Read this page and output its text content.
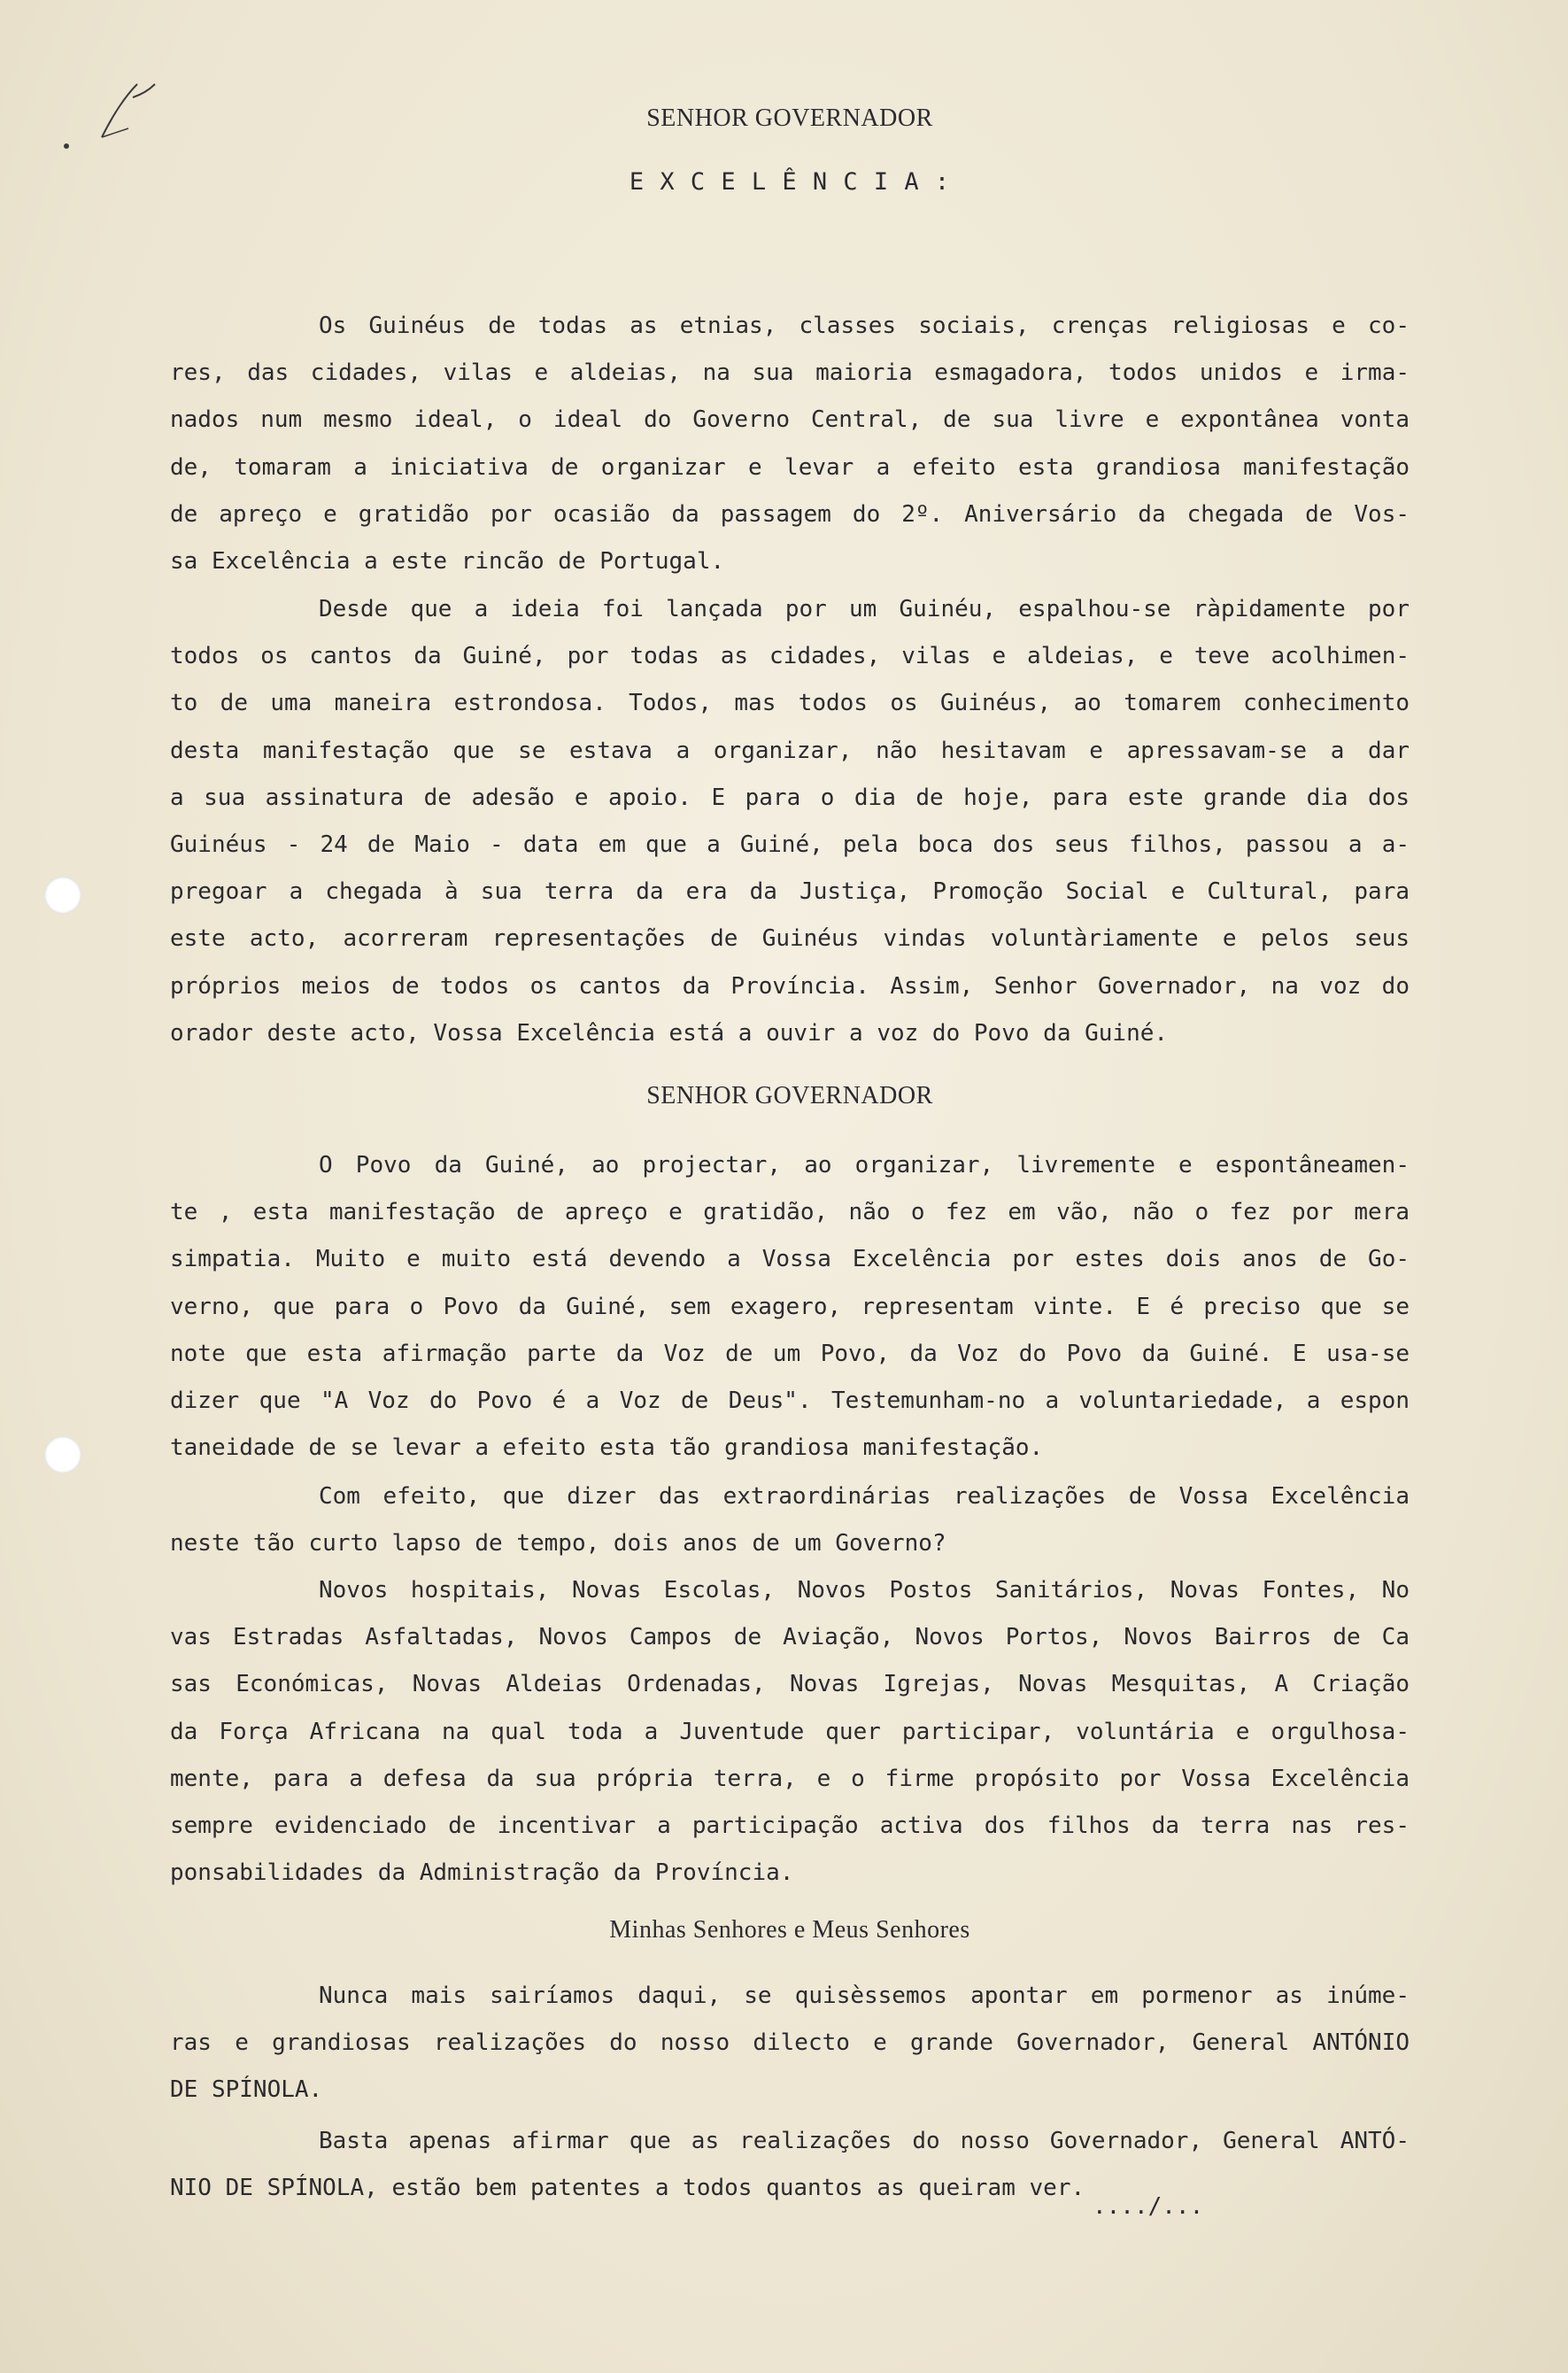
SENHOR GOVERNADOR
E X C E L Ê N C I A :
Os Guinéus de todas as etnias, classes sociais, crenças religiosas e co-
res, das cidades, vilas e aldeias, na sua maioria esmagadora, todos unidos e irma-
nados num mesmo ideal, o ideal do Governo Central, de sua livre e expontânea vonta
de, tomaram a iniciativa de organizar e levar a efeito esta grandiosa manifestação
de apreço e gratidão por ocasião da passagem do 2º. Aniversário da chegada de Vos-
sa Excelência a este rincão de Portugal.
Desde que a ideia foi lançada por um Guinéu, espalhou-se ràpidamente por
todos os cantos da Guiné, por todas as cidades, vilas e aldeias, e teve acolhimen-
to de uma maneira estrondosa. Todos, mas todos os Guinéus, ao tomarem conhecimento
desta manifestação que se estava a organizar, não hesitavam e apressavam-se a dar
a sua assinatura de adesão e apoio. E para o dia de hoje, para este grande dia dos
Guinéus - 24 de Maio - data em que a Guiné, pela boca dos seus filhos, passou a a-
pregoar a chegada à sua terra da era da Justiça, Promoção Social e Cultural, para
este acto, acorreram representações de Guinéus vindas voluntàriamente e pelos seus
próprios meios de todos os cantos da Província. Assim, Senhor Governador, na voz do
orador deste acto, Vossa Excelência está a ouvir a voz do Povo da Guiné.
SENHOR GOVERNADOR
O Povo da Guiné, ao projectar, ao organizar, livremente e espontâneamen-
te , esta manifestação de apreço e gratidão, não o fez em vão, não o fez por mera
simpatia. Muito e muito está devendo a Vossa Excelência por estes dois anos de Go-
verno, que para o Povo da Guiné, sem exagero, representam vinte. E é preciso que se
note que esta afirmação parte da Voz de um Povo, da Voz do Povo da Guiné. E usa-se
dizer que "A Voz do Povo é a Voz de Deus". Testemunham-no a voluntariedade, a espon
taneidade de se levar a efeito esta tão grandiosa manifestação.
Com efeito, que dizer das extraordinárias realizações de Vossa Excelência
neste tão curto lapso de tempo, dois anos de um Governo?
Novos hospitais, Novas Escolas, Novos Postos Sanitários, Novas Fontes, No
vas Estradas Asfaltadas, Novos Campos de Aviação, Novos Portos, Novos Bairros de Ca
sas Económicas, Novas Aldeias Ordenadas, Novas Igrejas, Novas Mesquitas, A Criação
da Força Africana na qual toda a Juventude quer participar, voluntária e orgulhosa-
mente, para a defesa da sua própria terra, e o firme propósito por Vossa Excelência
sempre evidenciado de incentivar a participação activa dos filhos da terra nas res-
ponsabilidades da Administração da Província.
Minhas Senhores e Meus Senhores
Nunca mais sairíamos daqui, se quisèssemos apontar em pormenor as inúme-
ras e grandiosas realizações do nosso dilecto e grande Governador, General ANTÓNIO
DE SPÍNOLA.
Basta apenas afirmar que as realizações do nosso Governador, General ANTÓ-
NIO DE SPÍNOLA, estão bem patentes a todos quantos as queiram ver.
..../...
